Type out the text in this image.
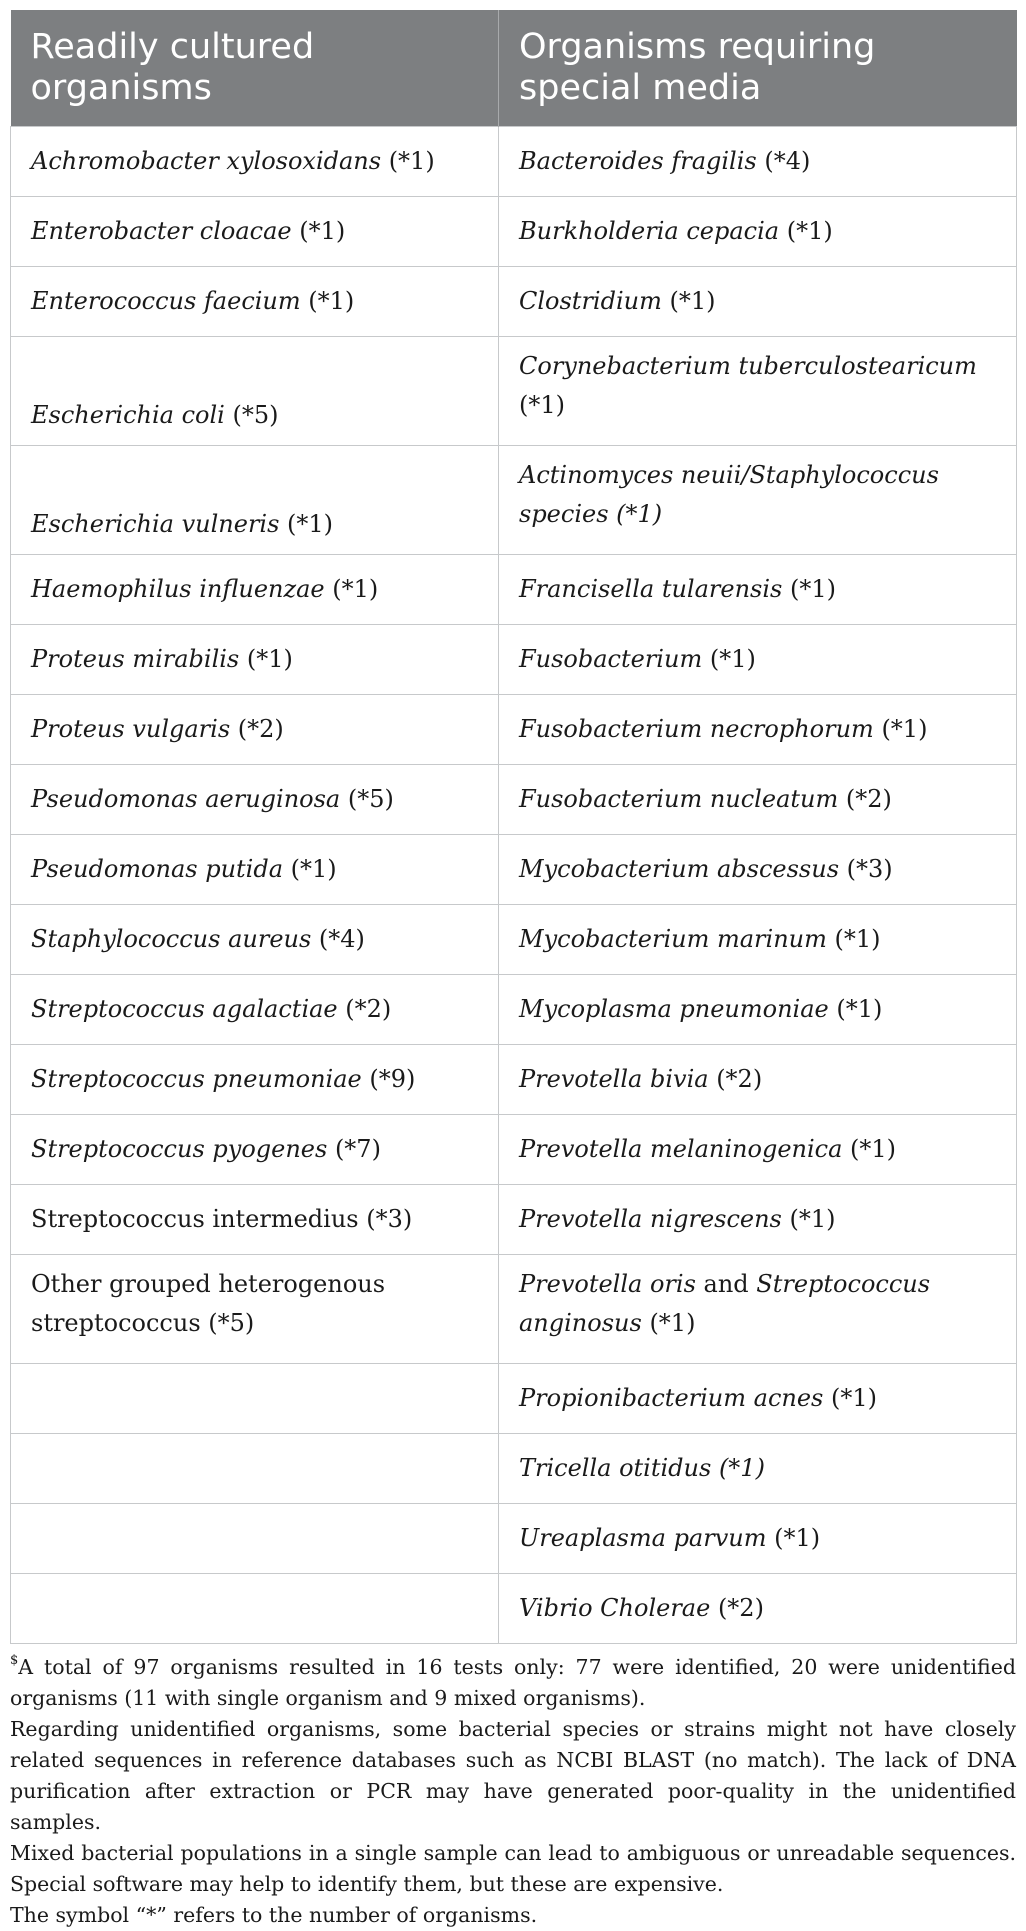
Readily cultured organisms	Organisms requiring special media
Achromobacter xylosoxidans (*1)	Bacteroides fragilis (*4)
Enterobacter cloacae (*1)	Burkholderia cepacia (*1)
Enterococcus faecium (*1)	Clostridium (*1)
Escherichia coli (*5)	Corynebacterium tuberculostearicum (*1)
Escherichia vulneris (*1)	Actinomyces neuii/Staphylococcus species (*1)
Haemophilus influenzae (*1)	Francisella tularensis (*1)
Proteus mirabilis (*1)	Fusobacterium (*1)
Proteus vulgaris (*2)	Fusobacterium necrophorum (*1)
Pseudomonas aeruginosa (*5)	Fusobacterium nucleatum (*2)
Pseudomonas putida (*1)	Mycobacterium abscessus (*3)
Staphylococcus aureus (*4)	Mycobacterium marinum (*1)
Streptococcus agalactiae (*2)	Mycoplasma pneumoniae (*1)
Streptococcus pneumoniae (*9)	Prevotella bivia (*2)
Streptococcus pyogenes (*7)	Prevotella melaninogenica (*1)
Streptococcus intermedius (*3)	Prevotella nigrescens (*1)
Other grouped heterogenous streptococcus (*5)	Prevotella oris and Streptococcus anginosus (*1)
	Propionibacterium acnes (*1)
	Tricella otitidus (*1)
	Ureaplasma parvum (*1)
	Vibrio Cholerae (*2)

$A total of 97 organisms resulted in 16 tests only: 77 were identified, 20 were unidentified organisms (11 with single organism and 9 mixed organisms).

Regarding unidentified organisms, some bacterial species or strains might not have closely related sequences in reference databases such as NCBI BLAST (no match). The lack of DNA purification after extraction or PCR may have generated poor-quality in the unidentified samples.

Mixed bacterial populations in a single sample can lead to ambiguous or unreadable sequences. Special software may help to identify them, but these are expensive.

The symbol “*” refers to the number of organisms.
